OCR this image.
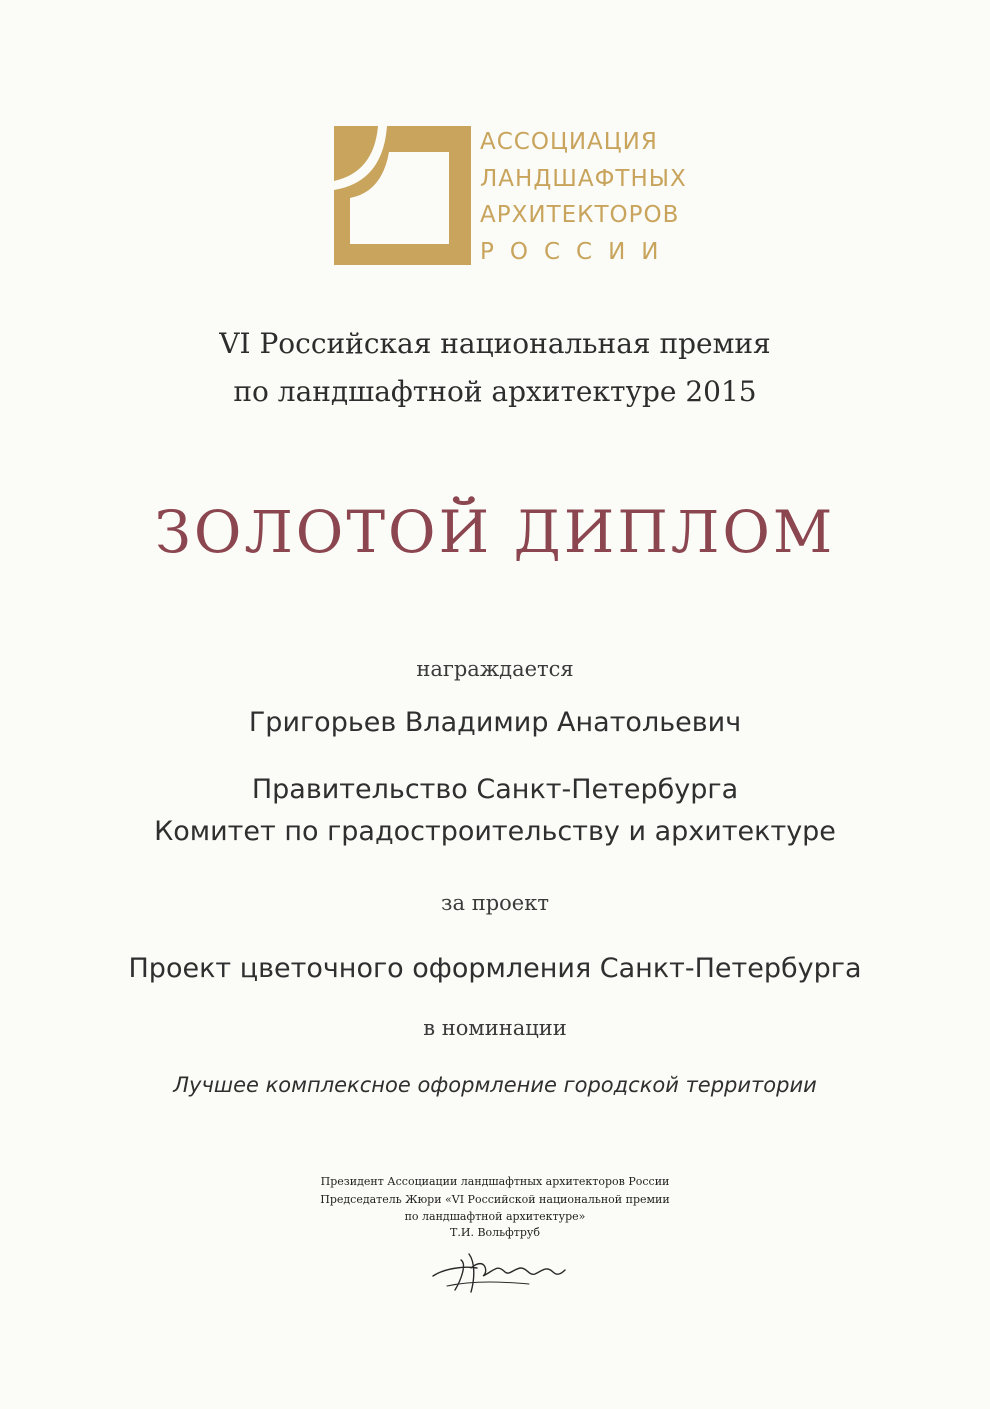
АССОЦИАЦИЯ
ЛАНДШАФТНЫХ
АРХИТЕКТОРОВ
РОССИИ
VI Российская национальная премия
по ландшафтной архитектуре 2015
ЗОЛОТОЙ ДИПЛОМ
награждается
Григорьев Владимир Анатольевич
Правительство Санкт-Петербурга
Комитет по градостроительству и архитектуре
за проект
Проект цветочного оформления Санкт-Петербурга
в номинации
Лучшее комплексное оформление городской территории
Президент Ассоциации ландшафтных архитекторов России
Председатель Жюри «VI Российской национальной премии
по ландшафтной архитектуре»
Т.И. Вольфтруб
